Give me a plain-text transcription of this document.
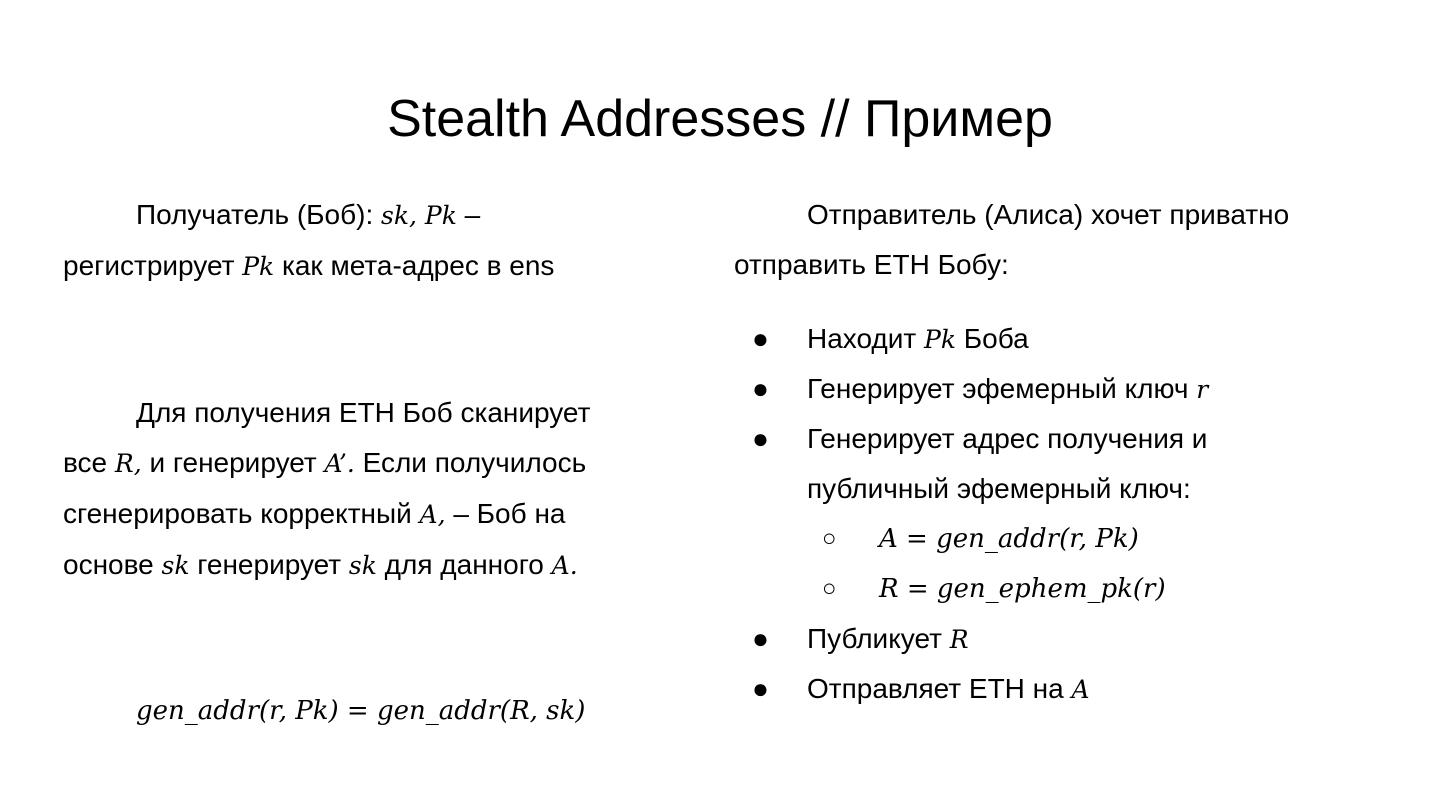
Stealth Addresses // Пример
Получатель (Боб): sk, Pk –
регистрирует Pk как мета-адрес в ens
Для получения ETH Боб сканирует
все R, и генерирует A’. Если получилось
сгенерировать корректный A, – Боб на
основе sk генерирует sk для данного A.
gen_addr(r, Pk) = gen_addr(R, sk)
Отправитель (Алиса) хочет приватно
отправить ETH Бобу:
● Находит Pk Боба
● Генерирует эфемерный ключ r
● Генерирует адрес получения и
публичный эфемерный ключ:
○ A = gen_addr(r, Pk)
○ R = gen_ephem_pk(r)
● Публикует R
● Отправляет ETH на A
